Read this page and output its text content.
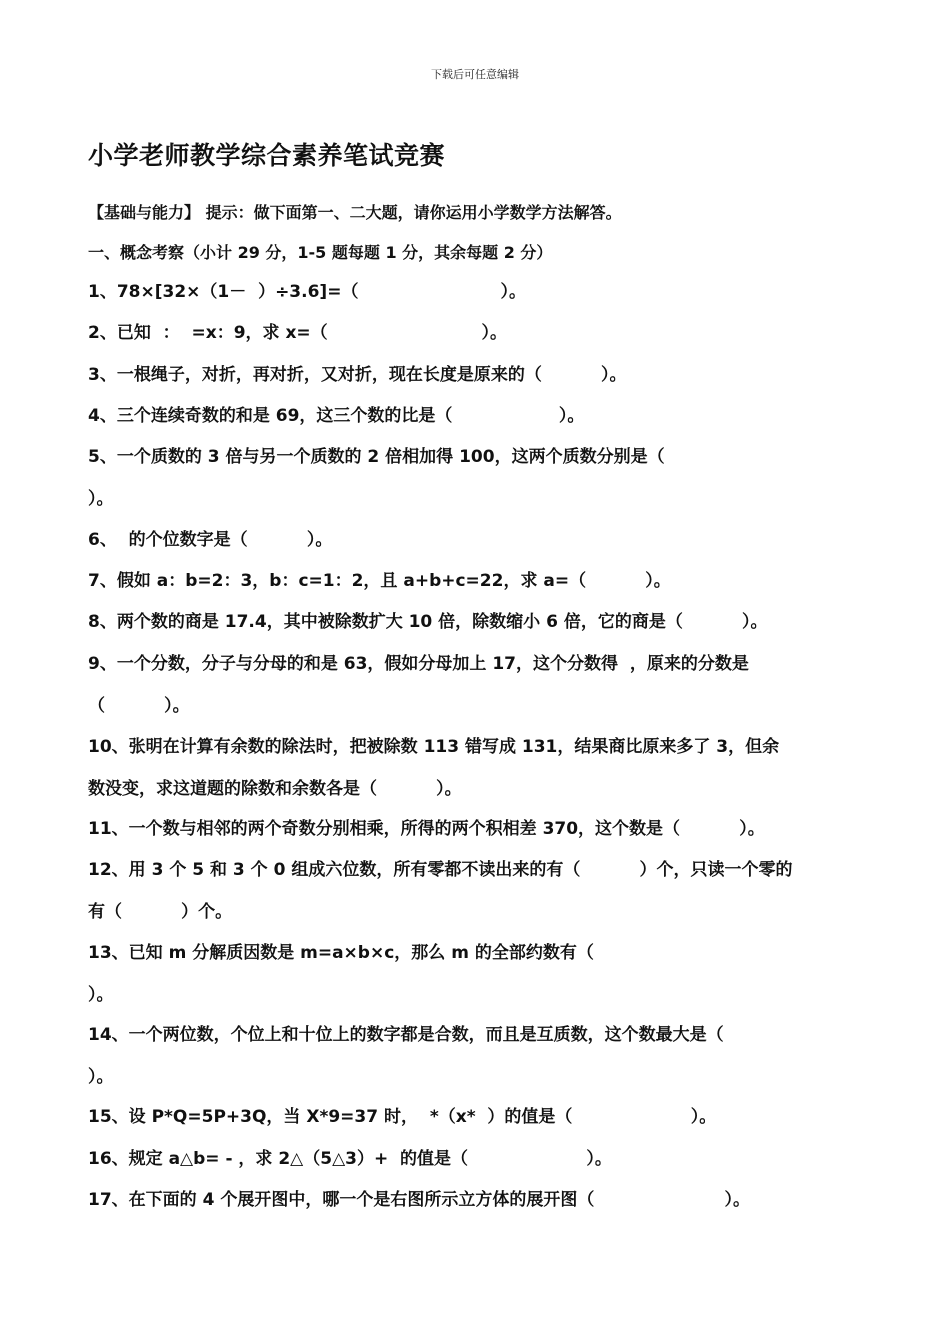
下载后可任意编辑
小学老师教学综合素养笔试竞赛
【基础与能力】 提示：做下面第一、二大题，请你运用小学数学方法解答。
一、概念考察（小计 29 分，1-5 题每题 1 分，其余每题 2 分）
1、78×[32×（1－  ）÷3.6]=（                        ）。
2、已知  ：  =x：9，求 x=（                          ）。
3、一根绳子，对折，再对折，又对折，现在长度是原来的（          ）。
4、三个连续奇数的和是 69，这三个数的比是（                  ）。
5、一个质数的 3 倍与另一个质数的 2 倍相加得 100，这两个质数分别是（
）。
6、  的个位数字是（          ）。
7、假如 a：b=2：3，b：c=1：2，且 a+b+c=22，求 a=（          ）。
8、两个数的商是 17.4，其中被除数扩大 10 倍，除数缩小 6 倍，它的商是（          ）。
9、一个分数，分子与分母的和是 63，假如分母加上 17，这个分数得  ，原来的分数是
（          ）。
10、张明在计算有余数的除法时，把被除数 113 错写成 131，结果商比原来多了 3，但余
数没变，求这道题的除数和余数各是（          ）。
11、一个数与相邻的两个奇数分别相乘，所得的两个积相差 370，这个数是（          ）。
12、用 3 个 5 和 3 个 0 组成六位数，所有零都不读出来的有（          ）个，只读一个零的
有（          ）个。
13、已知 m 分解质因数是 m=a×b×c，那么 m 的全部约数有（
）。
14、一个两位数，个位上和十位上的数字都是合数，而且是互质数，这个数最大是（
）。
15、设 P*Q=5P+3Q，当 X*9=37 时，  *（x*  ）的值是（                    ）。
16、规定 a△b= - ，求 2△（5△3）+  的值是（                    ）。
17、在下面的 4 个展开图中，哪一个是右图所示立方体的展开图（                      ）。
